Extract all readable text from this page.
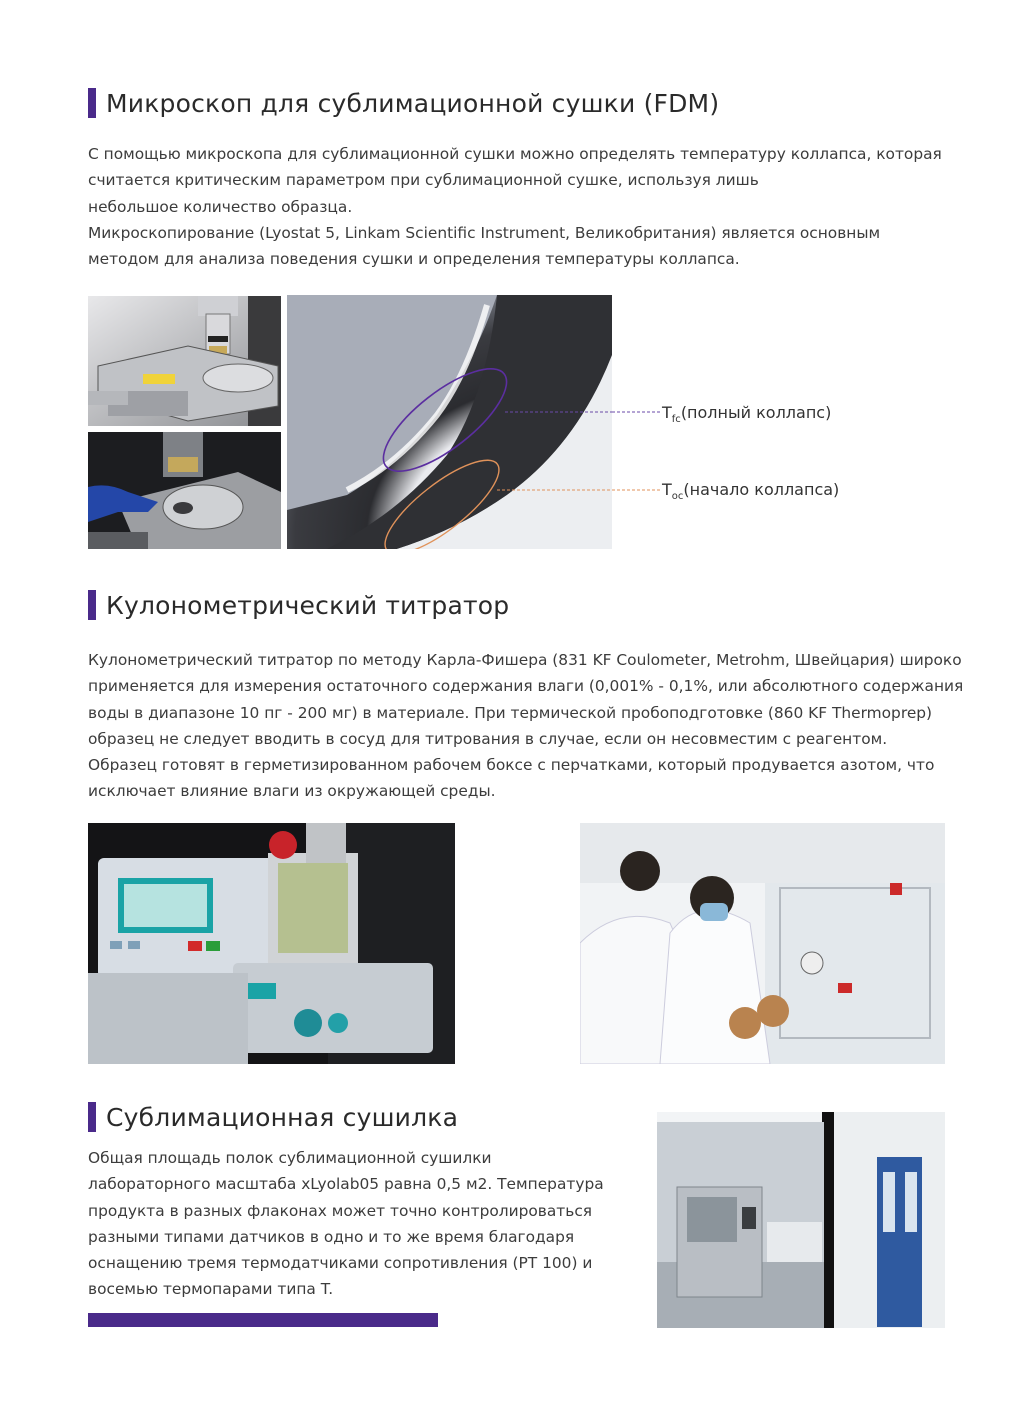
Микроскоп для сублимационной сушки (FDM)

С помощью микроскопа для сублимационной сушки можно определять температуру коллапса, которая

считается критическим параметром при сублимационной сушке, используя лишь

небольшое количество образца.

Микроскопирование (Lyostat 5, Linkam Scientific Instrument, Великобритания) является основным

методом для анализа поведения сушки и определения температуры коллапса.

$T_{fc}(полный$ коллапс)
$T_{oc}(начало$ коллапса)
Кулонометрический титратор

Кулонометрический титратор по методу Карла-Фишера (831 KF Coulometer, Metrohm, Швейцария) широко

применяется для измерения остаточного содержания влаги (0,001% - 0,1%, или абсолютного содержания

воды в диапазоне 10 пг - 200 мг) в материале. При термической пробоподготовке (860 KF Thermoprep)

образец не следует вводить в сосуд для титрования в случае, если он несовместим с реагентом.

Образец готовят в герметизированном рабочем боксе с перчатками, который продувается азотом, что

исключает влияние влаги из окружающей среды.

Сублимационная сушилка

Общая площадь полок сублимационной сушилки

лабораторного масштаба xLyolab05 равна 0,5 м2. Температура

продукта в разных флаконах может точно контролироваться

разными типами датчиков в одно и то же время благодаря

оснащению тремя термодатчиками сопротивления (PT 100) и

восемью термопарами типа T.
